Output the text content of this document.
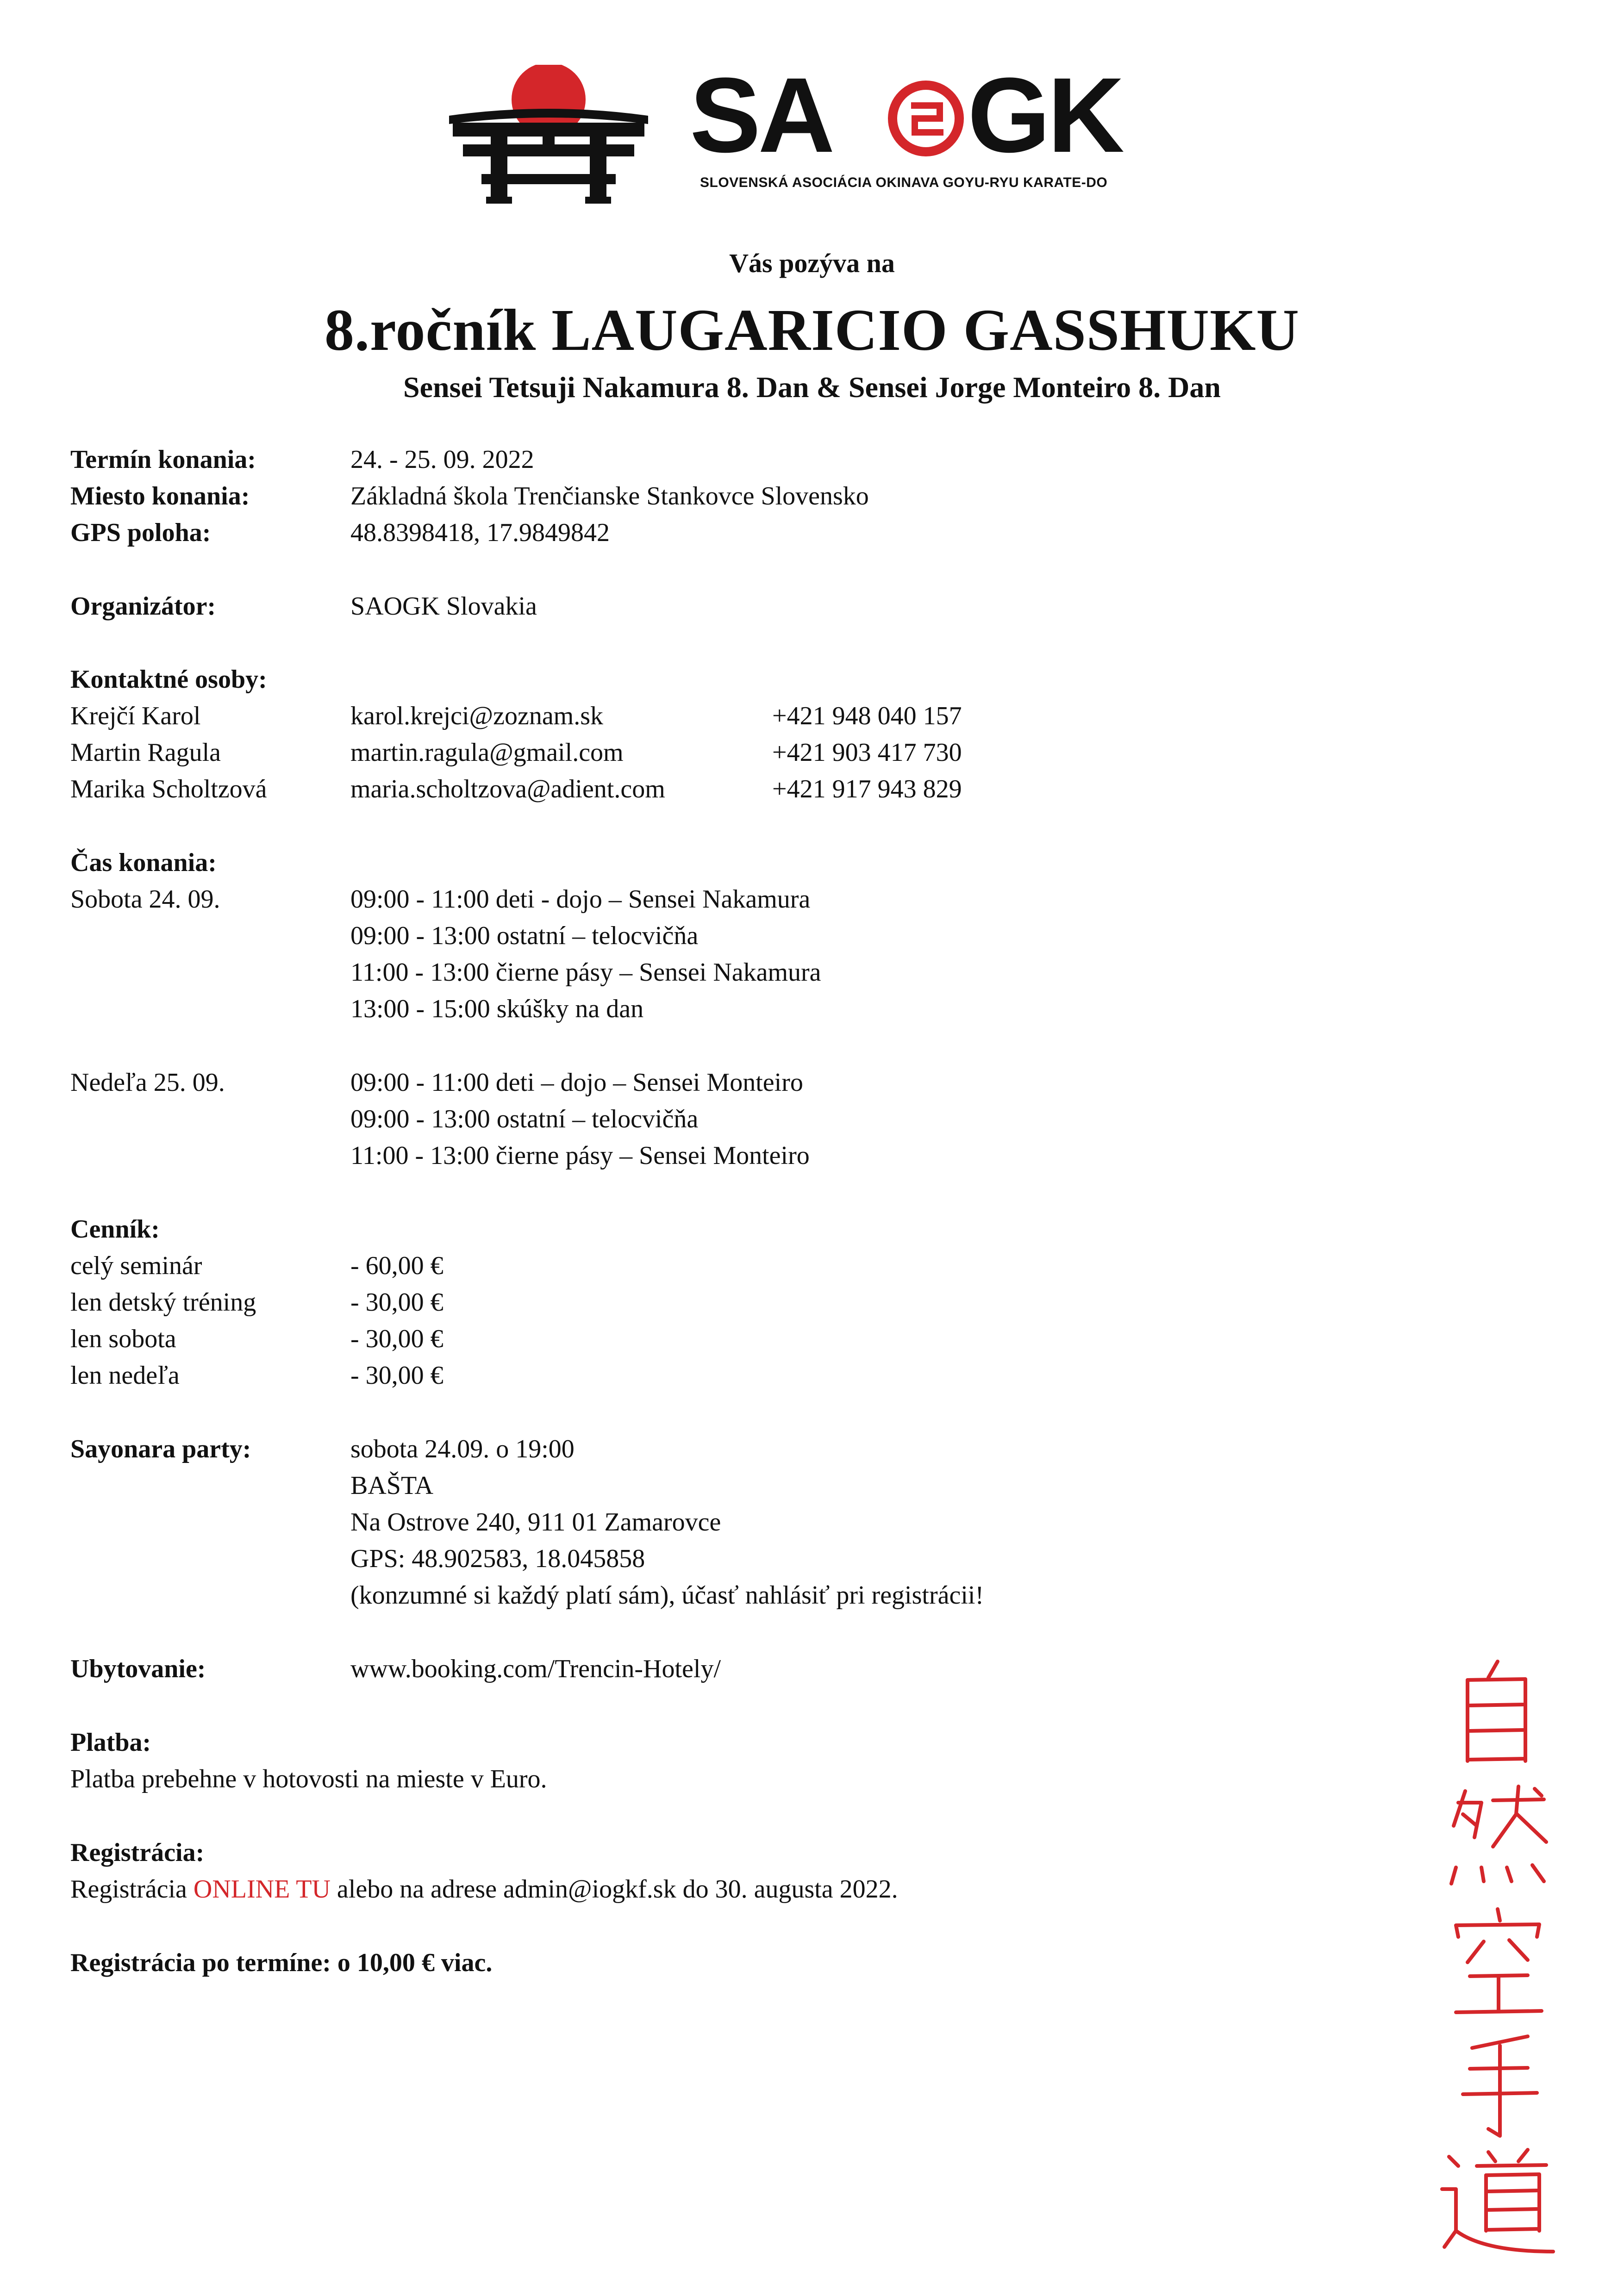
SA GK
SLOVENSKÁ ASOCIÁCIA OKINAVA GOYU-RYU KARATE-DO
Vás pozýva na
8.ročník LAUGARICIO GASSHUKU
Sensei Tetsuji Nakamura 8. Dan & Sensei Jorge Monteiro 8. Dan
Termín konania:	24. - 25. 09. 2022
Miesto konania:	Základná škola Trenčianske Stankovce Slovensko
GPS poloha:	48.8398418, 17.9849842
Organizátor:	SAOGK Slovakia
Kontaktné osoby:
Krejčí Karol	karol.krejci@zoznam.sk	+421 948 040 157
Martin Ragula	martin.ragula@gmail.com	+421 903 417 730
Marika Scholtzová	maria.scholtzova@adient.com	+421 917 943 829
Čas konania:
Sobota 24. 09.	09:00 - 11:00 deti - dojo – Sensei Nakamura
09:00 - 13:00 ostatní – telocvičňa
11:00 - 13:00 čierne pásy – Sensei Nakamura
13:00 - 15:00 skúšky na dan
Nedeľa 25. 09.	09:00 - 11:00 deti – dojo – Sensei Monteiro
09:00 - 13:00 ostatní – telocvičňa
11:00 - 13:00 čierne pásy – Sensei Monteiro
Cenník:
celý seminár	- 60,00 €
len detský tréning	- 30,00 €
len sobota	- 30,00 €
len nedeľa	- 30,00 €
Sayonara party:	sobota 24.09. o 19:00
BAŠTA
Na Ostrove 240, 911 01 Zamarovce
GPS: 48.902583, 18.045858
(konzumné si každý platí sám), účasť nahlásiť pri registrácii!
Ubytovanie:	www.booking.com/Trencin-Hotely/
Platba:
Platba prebehne v hotovosti na mieste v Euro.
Registrácia:
Registrácia ONLINE TU alebo na adrese admin@iogkf.sk do 30. augusta 2022.
Registrácia po termíne: o 10,00 € viac.
